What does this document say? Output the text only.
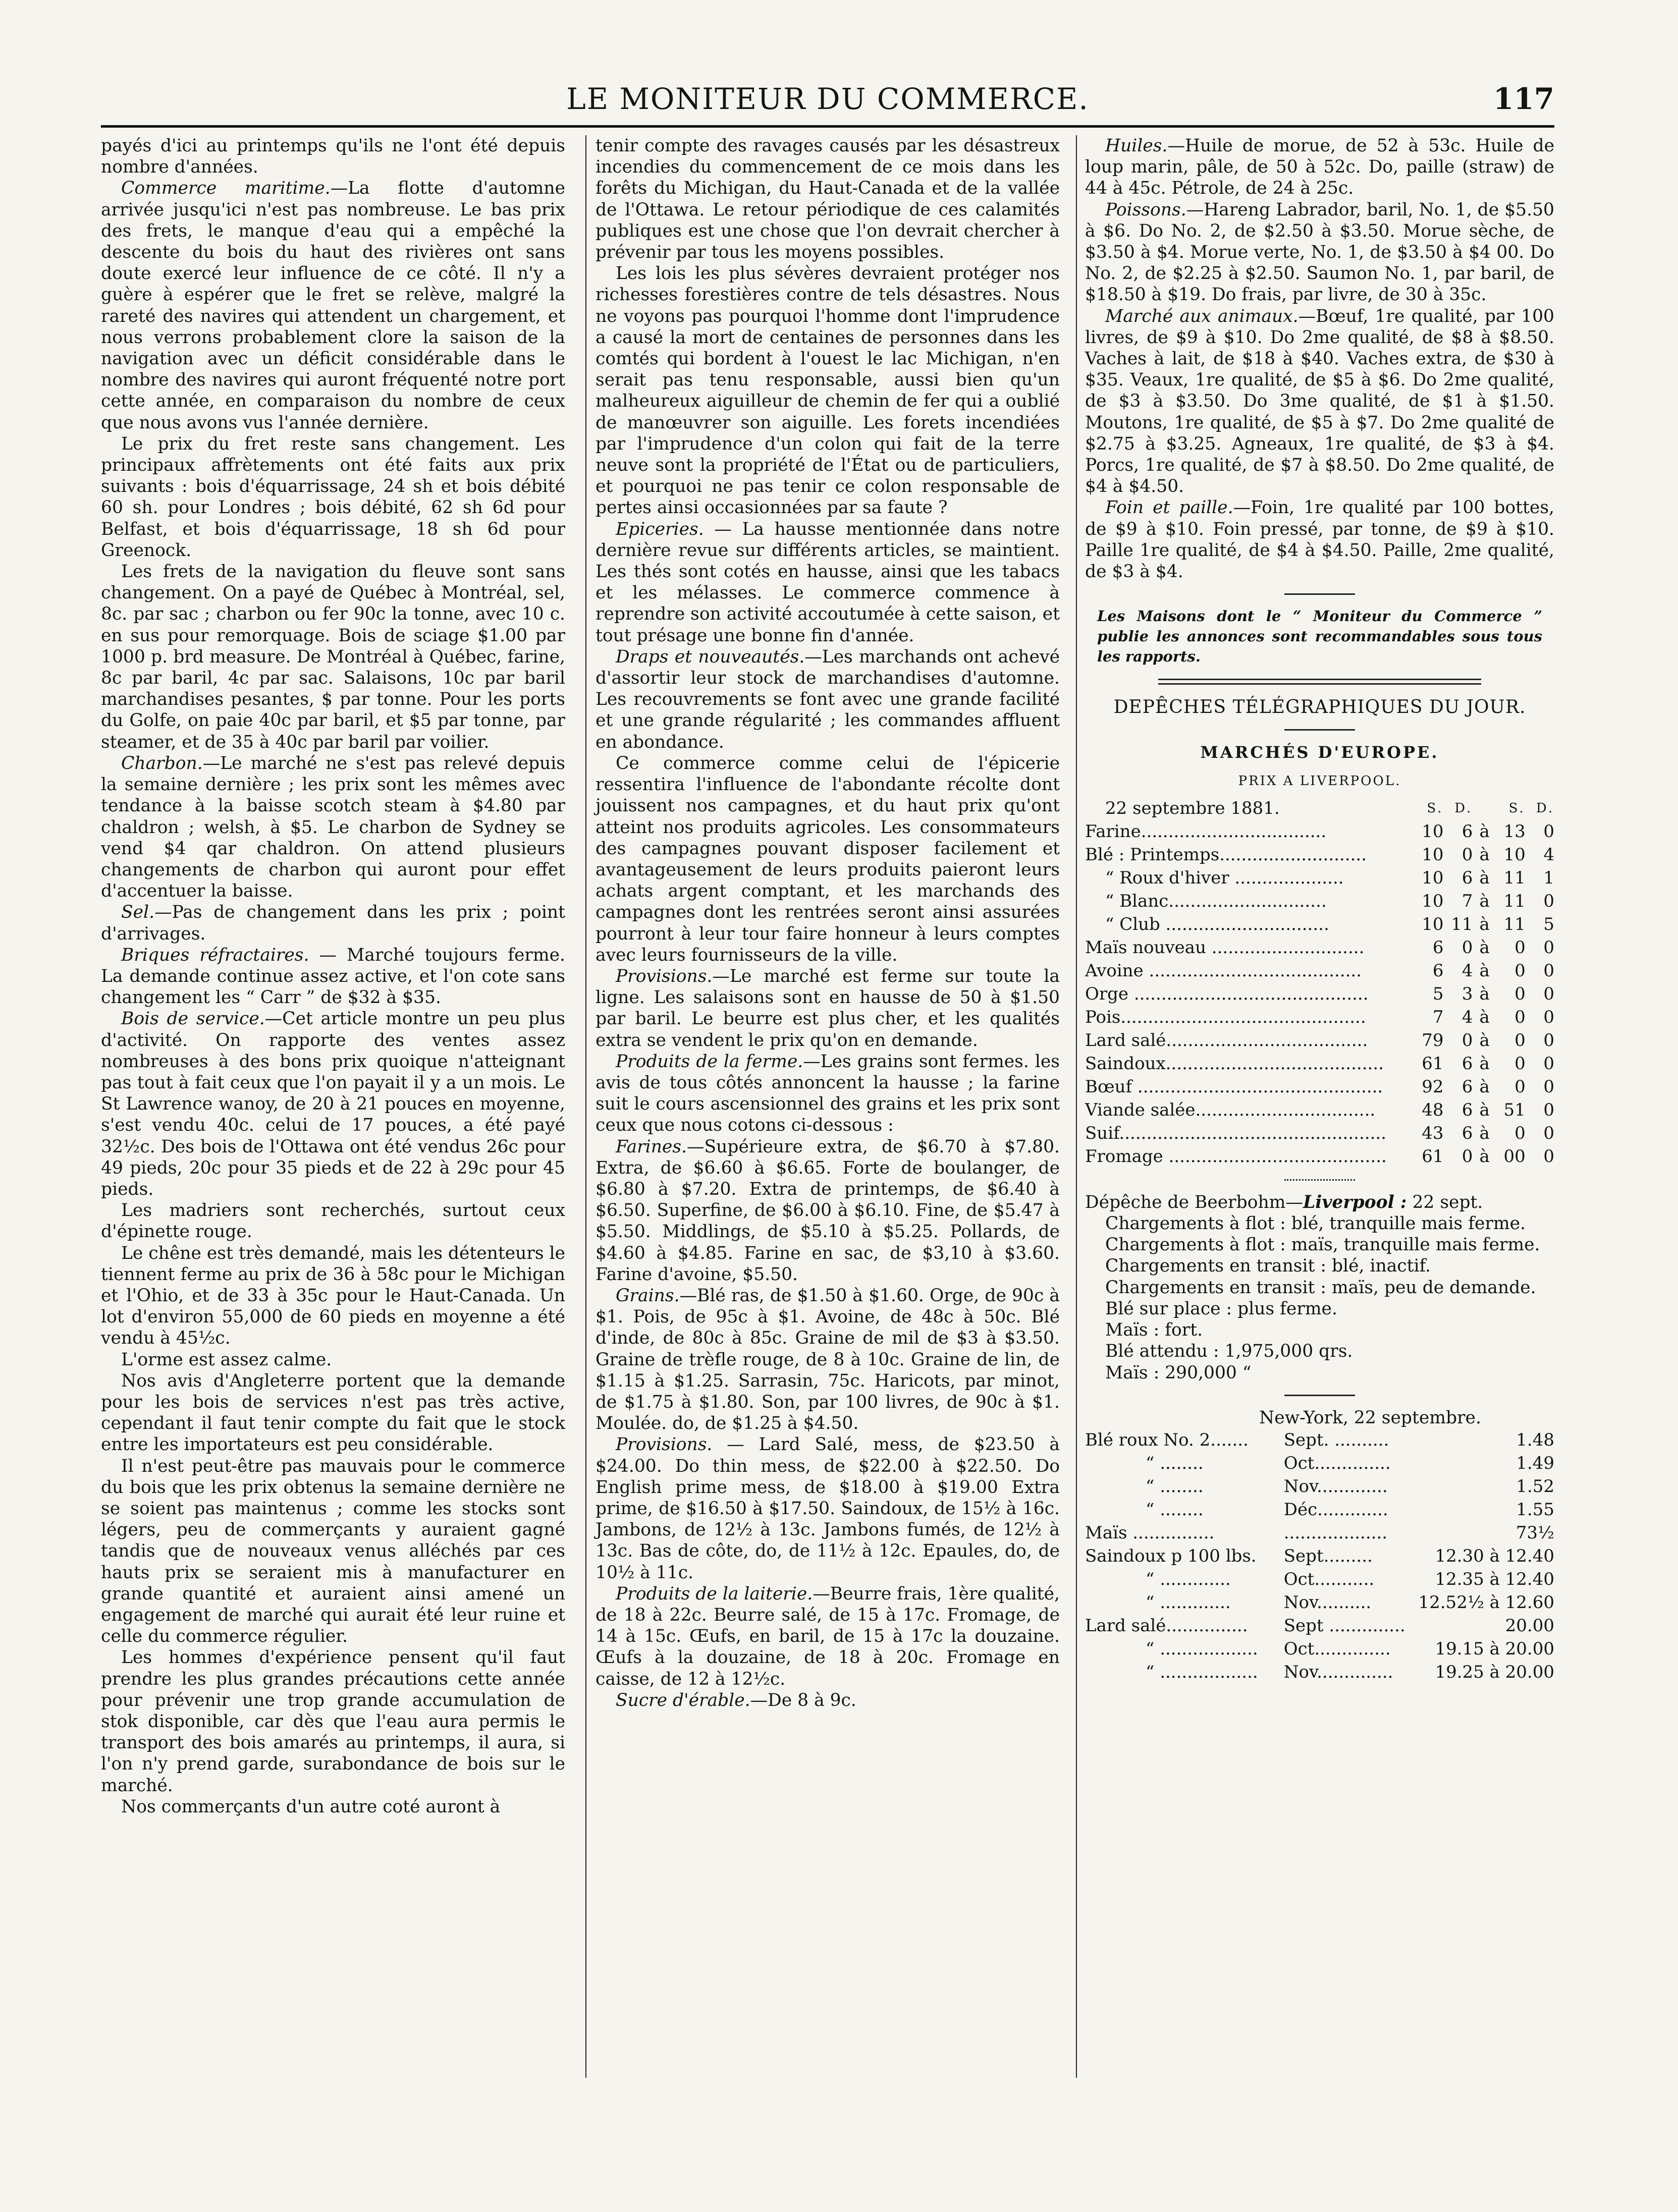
LE MONITEUR DU COMMERCE.	117

payés d'ici au printemps qu'ils ne l'ont été depuis nombre d'années.

Commerce maritime.—La flotte d'automne arrivée jusqu'ici n'est pas nombreuse. Le bas prix des frets, le manque d'eau qui a empêché la descente du bois du haut des rivières ont sans doute exercé leur influence de ce côté. Il n'y a guère à espérer que le fret se relève, malgré la rareté des navires qui attendent un chargement, et nous verrons probablement clore la saison de la navigation avec un déficit considérable dans le nombre des navires qui auront fréquenté notre port cette année, en comparaison du nombre de ceux que nous avons vus l'année dernière.

Le prix du fret reste sans changement. Les principaux affrètements ont été faits aux prix suivants : bois d'équarrissage, 24 sh et bois débité 60 sh. pour Londres ; bois débité, 62 sh 6d pour Belfast, et bois d'équarrissage, 18 sh 6d pour Greenock.

Les frets de la navigation du fleuve sont sans changement. On a payé de Québec à Montréal, sel, 8c. par sac ; charbon ou fer 90c la tonne, avec 10 c. en sus pour remorquage. Bois de sciage $1.00 par 1000 p. brd measure. De Montréal à Québec, farine, 8c par baril, 4c par sac. Salaisons, 10c par baril marchandises pesantes, $ par tonne. Pour les ports du Golfe, on paie 40c par baril, et $5 par tonne, par steamer, et de 35 à 40c par baril par voilier.

Charbon.—Le marché ne s'est pas relevé depuis la semaine dernière ; les prix sont les mêmes avec tendance à la baisse scotch steam à $4.80 par chaldron ; welsh, à $5. Le charbon de Sydney se vend $4 qar chaldron. On attend plusieurs changements de charbon qui auront pour effet d'accentuer la baisse.

Sel.—Pas de changement dans les prix ; point d'arrivages.

Briques réfractaires. — Marché toujours ferme. La demande continue assez active, et l'on cote sans changement les “ Carr ” de $32 à $35.

Bois de service.—Cet article montre un peu plus d'activité. On rapporte des ventes assez nombreuses à des bons prix quoique n'atteignant pas tout à fait ceux que l'on payait il y a un mois. Le St Lawrence wanoy, de 20 à 21 pouces en moyenne, s'est vendu 40c. celui de 17 pouces, a été payé 32½c. Des bois de l'Ottawa ont été vendus 26c pour 49 pieds, 20c pour 35 pieds et de 22 à 29c pour 45 pieds.

Les madriers sont recherchés, surtout ceux d'épinette rouge.

Le chêne est très demandé, mais les détenteurs le tiennent ferme au prix de 36 à 58c pour le Michigan et l'Ohio, et de 33 à 35c pour le Haut-Canada. Un lot d'environ 55,000 de 60 pieds en moyenne a été vendu à 45½c.

L'orme est assez calme.

Nos avis d'Angleterre portent que la demande pour les bois de services n'est pas très active, cependant il faut tenir compte du fait que le stock entre les importateurs est peu considérable.

Il n'est peut-être pas mauvais pour le commerce du bois que les prix obtenus la semaine dernière ne se soient pas maintenus ; comme les stocks sont légers, peu de commerçants y auraient gagné tandis que de nouveaux venus alléchés par ces hauts prix se seraient mis à manufacturer en grande quantité et auraient ainsi amené un engagement de marché qui aurait été leur ruine et celle du commerce régulier.

Les hommes d'expérience pensent qu'il faut prendre les plus grandes précautions cette année pour prévenir une trop grande accumulation de stok disponible, car dès que l'eau aura permis le transport des bois amarés au printemps, il aura, si l'on n'y prend garde, surabondance de bois sur le marché.

Nos commerçants d'un autre coté auront à

tenir compte des ravages causés par les désastreux incendies du commencement de ce mois dans les forêts du Michigan, du Haut-Canada et de la vallée de l'Ottawa. Le retour périodique de ces calamités publiques est une chose que l'on devrait chercher à prévenir par tous les moyens possibles.

Les lois les plus sévères devraient protéger nos richesses forestières contre de tels désastres. Nous ne voyons pas pourquoi l'homme dont l'imprudence a causé la mort de centaines de personnes dans les comtés qui bordent à l'ouest le lac Michigan, n'en serait pas tenu responsable, aussi bien qu'un malheureux aiguilleur de chemin de fer qui a oublié de manœuvrer son aiguille. Les forets incendiées par l'imprudence d'un colon qui fait de la terre neuve sont la propriété de l'État ou de particuliers, et pourquoi ne pas tenir ce colon responsable de pertes ainsi occasionnées par sa faute ?

Epiceries. — La hausse mentionnée dans notre dernière revue sur différents articles, se maintient. Les thés sont cotés en hausse, ainsi que les tabacs et les mélasses. Le commerce commence à reprendre son activité accoutumée à cette saison, et tout présage une bonne fin d'année.

Draps et nouveautés.—Les marchands ont achevé d'assortir leur stock de marchandises d'automne. Les recouvrements se font avec une grande facilité et une grande régularité ; les commandes affluent en abondance.

Ce commerce comme celui de l'épicerie ressentira l'influence de l'abondante récolte dont jouissent nos campagnes, et du haut prix qu'ont atteint nos produits agricoles. Les consommateurs des campagnes pouvant disposer facilement et avantageusement de leurs produits paieront leurs achats argent comptant, et les marchands des campagnes dont les rentrées seront ainsi assurées pourront à leur tour faire honneur à leurs comptes avec leurs fournisseurs de la ville.

Provisions.—Le marché est ferme sur toute la ligne. Les salaisons sont en hausse de 50 à $1.50 par baril. Le beurre est plus cher, et les qualités extra se vendent le prix qu'on en demande.

Produits de la ferme.—Les grains sont fermes. les avis de tous côtés annoncent la hausse ; la farine suit le cours ascensionnel des grains et les prix sont ceux que nous cotons ci-dessous :

Farines.—Supérieure extra, de $6.70 à $7.80. Extra, de $6.60 à $6.65. Forte de boulanger, de $6.80 à $7.20. Extra de printemps, de $6.40 à $6.50. Superfine, de $6.00 à $6.10. Fine, de $5.47 à $5.50. Middlings, de $5.10 à $5.25. Pollards, de $4.60 à $4.85. Farine en sac, de $3,10 à $3.60. Farine d'avoine, $5.50.

Grains.—Blé ras, de $1.50 à $1.60. Orge, de 90c à $1. Pois, de 95c à $1. Avoine, de 48c à 50c. Blé d'inde, de 80c à 85c. Graine de mil de $3 à $3.50. Graine de trèfle rouge, de 8 à 10c. Graine de lin, de $1.15 à $1.25. Sarrasin, 75c. Haricots, par minot, de $1.75 à $1.80. Son, par 100 livres, de 90c à $1. Moulée. do, de $1.25 à $4.50.

Provisions. — Lard Salé, mess, de $23.50 à $24.00. Do thin mess, de $22.00 à $22.50. Do English prime mess, de $18.00 à $19.00 Extra prime, de $16.50 à $17.50. Saindoux, de 15½ à 16c. Jambons, de 12½ à 13c. Jambons fumés, de 12½ à 13c. Bas de côte, do, de 11½ à 12c. Epaules, do, de 10½ à 11c.

Produits de la laiterie.—Beurre frais, 1ère qualité, de 18 à 22c. Beurre salé, de 15 à 17c. Fromage, de 14 à 15c. Œufs, en baril, de 15 à 17c la douzaine. Œufs à la douzaine, de 18 à 20c. Fromage en caisse, de 12 à 12½c.

Sucre d'érable.—De 8 à 9c.

Huiles.—Huile de morue, de 52 à 53c. Huile de loup marin, pâle, de 50 à 52c. Do, paille (straw) de 44 à 45c. Pétrole, de 24 à 25c.

Poissons.—Hareng Labrador, baril, No. 1, de $5.50 à $6. Do No. 2, de $2.50 à $3.50. Morue sèche, de $3.50 à $4. Morue verte, No. 1, de $3.50 à $4 00. Do No. 2, de $2.25 à $2.50. Saumon No. 1, par baril, de $18.50 à $19. Do frais, par livre, de 30 à 35c.

Marché aux animaux.—Bœuf, 1re qualité, par 100 livres, de $9 à $10. Do 2me qualité, de $8 à $8.50. Vaches à lait, de $18 à $40. Vaches extra, de $30 à $35. Veaux, 1re qualité, de $5 à $6. Do 2me qualité, de $3 à $3.50. Do 3me qualité, de $1 à $1.50. Moutons, 1re qualité, de $5 à $7. Do 2me qualité de $2.75 à $3.25. Agneaux, 1re qualité, de $3 à $4. Porcs, 1re qualité, de $7 à $8.50. Do 2me qualité, de $4 à $4.50.

Foin et paille.—Foin, 1re qualité par 100 bottes, de $9 à $10. Foin pressé, par tonne, de $9 à $10. Paille 1re qualité, de $4 à $4.50. Paille, 2me qualité, de $3 à $4.

Les Maisons dont le “ Moniteur du Commerce ” publie les annonces sont recommandables sous tous les rapports.
DEPÊCHES TÉLÉGRAPHIQUES DU JOUR.
MARCHÉS D'EUROPE.
PRIX A LIVERPOOL.
22 septembre 1881.	S.	D.		S.	D.
Farine..................................	10	6	à	13	0
Blé : Printemps...........................	10	0	à	10	4
“ Roux d'hiver ....................	10	6	à	11	1
“ Blanc.............................	10	7	à	11	0
“ Club ..............................	10	11	à	11	5
Maïs nouveau ............................	6	0	à	0	0
Avoine .......................................	6	4	à	0	0
Orge ...........................................	5	3	à	0	0
Pois.............................................	7	4	à	0	0
Lard salé.....................................	79	0	à	0	0
Saindoux........................................	61	6	à	0	0
Bœuf .............................................	92	6	à	0	0
Viande salée.................................	48	6	à	51	0
Suif.................................................	43	6	à	0	0
Fromage ........................................	61	0	à	00	0
Dépêche de Beerbohm—Liverpool : 22 sept.
Chargements à flot : blé, tranquille mais ferme.
Chargements à flot : maïs, tranquille mais ferme.
Chargements en transit : blé, inactif.
Chargements en transit : maïs, peu de demande.
Blé sur place : plus ferme.
Maïs : fort.
Blé attendu : 1,975,000 qrs.
Maïs : 290,000 “
New-York, 22 septembre.
Blé roux No. 2.......	Sept. ..........	1.48
“ ........	Oct..............	1.49
“ ........	Nov.............	1.52
“ ........	Déc.............	1.55
Maïs ...............	...................	73½
Saindoux p 100 lbs.	Sept.........	12.30 à 12.40
“ .............	Oct...........	12.35 à 12.40
“ .............	Nov..........	12.52½ à 12.60
Lard salé...............	Sept ..............	20.00
“ ..................	Oct..............	19.15 à 20.00
“ ..................	Nov..............	19.25 à 20.00
